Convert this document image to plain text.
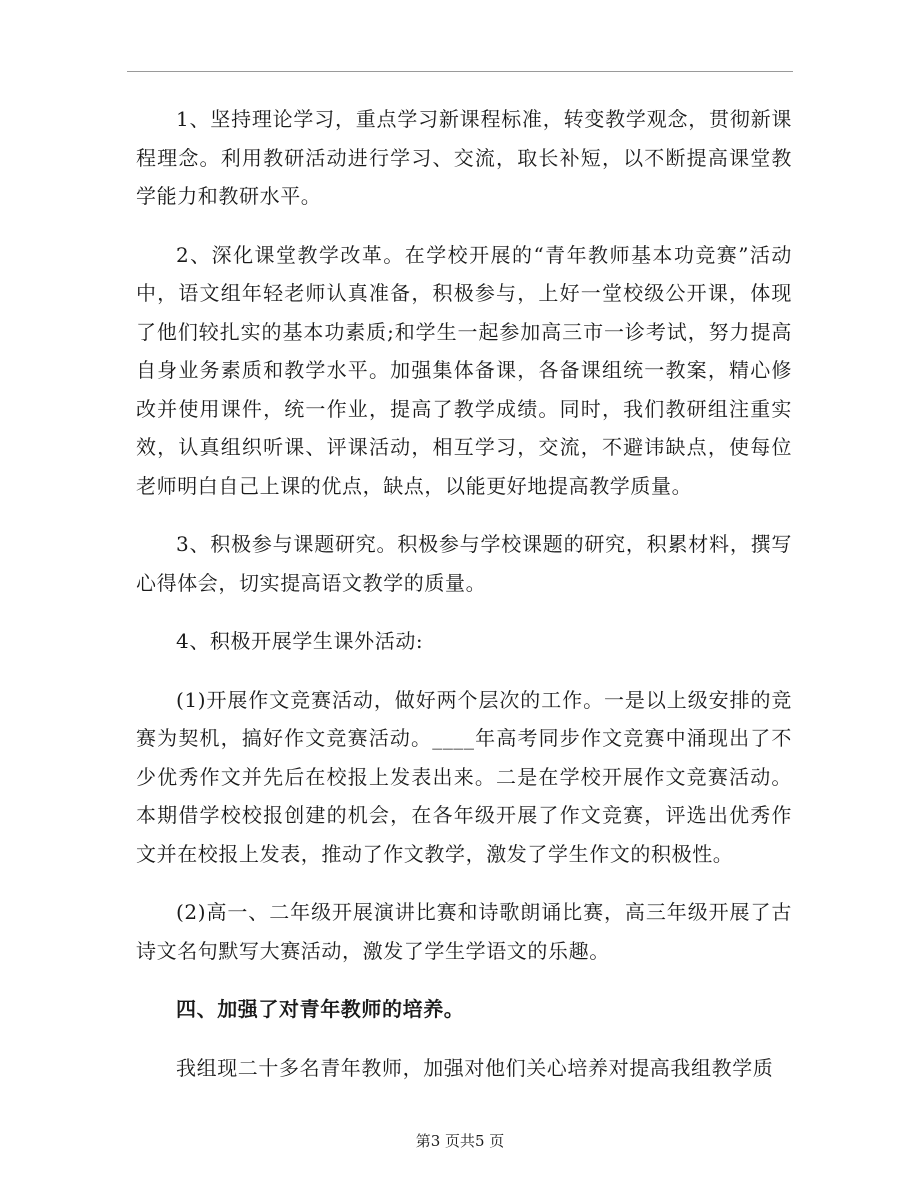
1、坚持理论学习，重点学习新课程标准，转变教学观念，贯彻新课程理念。利用教研活动进行学习、交流，取长补短，以不断提高课堂教学能力和教研水平。

2、深化课堂教学改革。在学校开展的“青年教师基本功竞赛”活动中，语文组年轻老师认真准备，积极参与，上好一堂校级公开课，体现了他们较扎实的基本功素质;和学生一起参加高三市一诊考试，努力提高自身业务素质和教学水平。加强集体备课，各备课组统一教案，精心修改并使用课件，统一作业，提高了教学成绩。同时，我们教研组注重实效，认真组织听课、评课活动，相互学习，交流，不避讳缺点，使每位老师明白自己上课的优点，缺点，以能更好地提高教学质量。

3、积极参与课题研究。积极参与学校课题的研究，积累材料，撰写心得体会，切实提高语文教学的质量。

4、积极开展学生课外活动:

(1)开展作文竞赛活动，做好两个层次的工作。一是以上级安排的竞赛为契机，搞好作文竞赛活动。____年高考同步作文竞赛中涌现出了不少优秀作文并先后在校报上发表出来。二是在学校开展作文竞赛活动。本期借学校校报创建的机会，在各年级开展了作文竞赛，评选出优秀作文并在校报上发表，推动了作文教学，激发了学生作文的积极性。

(2)高一、二年级开展演讲比赛和诗歌朗诵比赛，高三年级开展了古诗文名句默写大赛活动，激发了学生学语文的乐趣。

四、加强了对青年教师的培养。

我组现二十多名青年教师，加强对他们关心培养对提高我组教学质

第3 页共5 页
